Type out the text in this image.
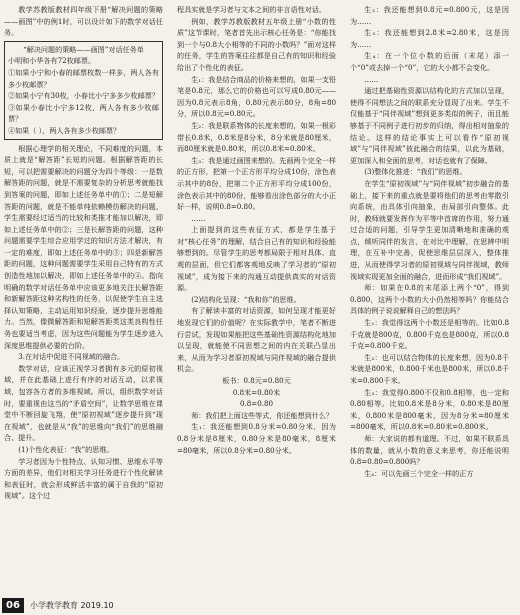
教学苏教版教材四年级下册“解决问题的策略——画图”中的例1时，可以设计如下的数学对话任务。

“解决问题的策略——画图”对话任务单

小明和小华各有72枚邮票。

①如果小宁和小春的邮票枚数一样多，两人各有多少枚邮票？

②如果小宁有30枚，小春比小宁多多少枚邮票？

③如果小春比小宁多12枚，两人各有多少枚邮票？

④如果（ ），两人各有多少枚邮票？

根据心理学的相关理论，不同难度的问题，本质上就是“解答距”长短的问题。根据解答距的长短，可以把需要解决的问题分为四个等级：一是数解答距的问题，就是不需要复杂的分析思考就能找到答案的问题，即如上述任务单中的①；二是短解答距的问题，就是不能单纯依赖模仿解决的问题，学生需要经过适当的比较和类推才能加以解决，即如上述任务单中的②；三是长解答距的问题，这种问题需要学生综合应用学过的知识方法才解决，有一定的难度，即如上述任务单中的③；四是新解答距的问题，这种问题需要学生采用自己特有的方式创造性地加以解决，即如上述任务单中的④。指向明确的数学对话任务单中应该更多地关注长解答距和新解答距这种劣构性的任务，以促使学生自主选择认知策略，主动运用知识经验，逐步提升思维能力。当然，像微解答距和短解答距类这类良构性任务也要适当考虑，因为这些问题能为学生逐步进入深度思维提供必要的台阶。

3.在对话中促进不同视域的融合。

数学对话，应该正视学习者拥有多元的原初视域，并在此基础上进行有序的对话互动，以求视域，包容各方者的多维视域。所以，组织数学对话时，要重视由这当的“矛盾空间”，让数学思维在课堂中不断回旋飞翔，使“原初视域”逐步提升到“现在视域”，也就是从“我”的思维向“我们”的思维融合、提升。

(1)个性化表征：“我”的思维。

学习者因为个性特点、认知习惯、思维水平等方面的差异，他们对相关学习任务进行个性化解读和表征时，就会形成鲜活丰富的属于自我的“原初视域”。这个过

程具实就是学习者与文本之间的非言语性对话。

例如，教学苏教版教材五年级上册“小数的性质”这节课时，笔者首先出示核心任务是：“你能找到一个与0.8大小相等的不同的小数吗？”面对这样的任务，学生的答案往往都是自己有的知识和经验给出了个性化的表征。

生₁：我是结合商品的价格来想的，如果一支铅笔是0.8元，那么它的价格也可以写成0.80元——因为0.8元表示8角，0.80元表示80分，8角=80分，所以0.8元=0.80元。

生₂：我是联系物体的长度来想的，如果一根彩带长0.8米，0.8米是8分米，8分米就是80厘米，而80厘米就是0.80米，所以0.8米=0.80米。

生₃：我是通过画图来想的。先画两个完全一样的正方形，把第一个正方形平均分成10份，涂色表示其中的8份，把第二个正方形平均分成100份，涂色表示其中的80份，能够看出涂色部分的大小正好一样，说明0.8=0.80。

……

上面提到的这些表征方式，都是学生基于对“核心任务”的理解，结合自己有的知识和经验能够想到的。尽管学生的思考都局限于相对具体、直观的层面，但它们都客观地反映了学习者的“原初视域”，成为接下来的沟通互动提供真实的对话资源。

(2)结构化呈现：“我和你”的思维。

有了解读丰富的对话资源，如何呈现才能更好地发现它们的价值呢？在实际教学中，笔者不断进行尝试，发现如果能把这些基础性资源结构化地加以呈现，就能使不同思想之间的内在关联凸显出来，从而为学习者原初视域与同伴视域的融合提供机会。

板书：0.8元=0.80元

0.8米=0.80米

0.8=0.80

师：我们把上面这些等式，你还能想到什么？

生₁：我还能想到0.8分米=0.80分米，因为0.8分米是8厘米，0.80分米是80毫米，8厘米=80毫米，所以0.8分米=0.80分米。

生₂：我还能想到0.8元=0.800元，这是因为……

生₃：我还能想到2.8米=2.80米，这是因为……

生₄：在一个位小数的后面（末尾）添一个“0”或去掉一个“0”，它的大小都不会变化。

……

通过把基础性资源以结构化的方式加以呈现，使得不同想法之间的联系充分显现了出来。学生不仅能基于“同伴视域”想到更多类似的例子，而且能够基于不同例子进行初步的归纳，得出相对抽象的结论。这样的结论事实上可以看作“原初视域”与“同伴视域”彼此融合的结果，以此为基础，更加深入和全面的思考，对话也就有了保障。

(3)整体化推进：“我们”的思维。

在学生“原初视域”与“同伴视域”初步融合的基础上，接下来的重点就是要将他们的思考由零散引向系统，由具体引向抽象，由局部引向整体。此时，教师就要发挥作为平等中首席的作用，努力通过合适的问题，引导学生更加清晰地和准确的观点，倾听同伴的发言，在对比中理解，在思辨中明理，在互补中完善，促使思维层层深入，整体推进，从而使得学习者的原初视域与同伴视域，教师视域实现更加全面的融合，进而形成“我们视域”。

师：如果在0.8的末尾添上两个“0”，得到0.800，这两个小数的大小仍然相等吗？你能结合具体的例子说说解释自己的想法吗？

生₁：我觉得这两个小数还是相等的。比如0.8千克就是800克，0.800千克也是800克，所以0.8千克=0.800千克。

生₂：也可以结合物体的长度来想，因为0.8千米就是800米，0.800千米也是800米，所以0.8千米=0.800千米。

生₃：我觉得0.800不仅和0.8相等，也一定和0.80相等。比如0.8米是8分米，0.80米是80厘米，0.800米是800毫米，因为8分米=80厘米=800毫米，所以0.8米=0.80米=0.800米。

师：大家说的都有道理。不过，如果不联系具体的数量，就从小数的意义来思考，你还能说明0.8=0.80=0.800吗？

生₄：可以先画三个完全一样的正方

06	小学教学教育 2019.10
